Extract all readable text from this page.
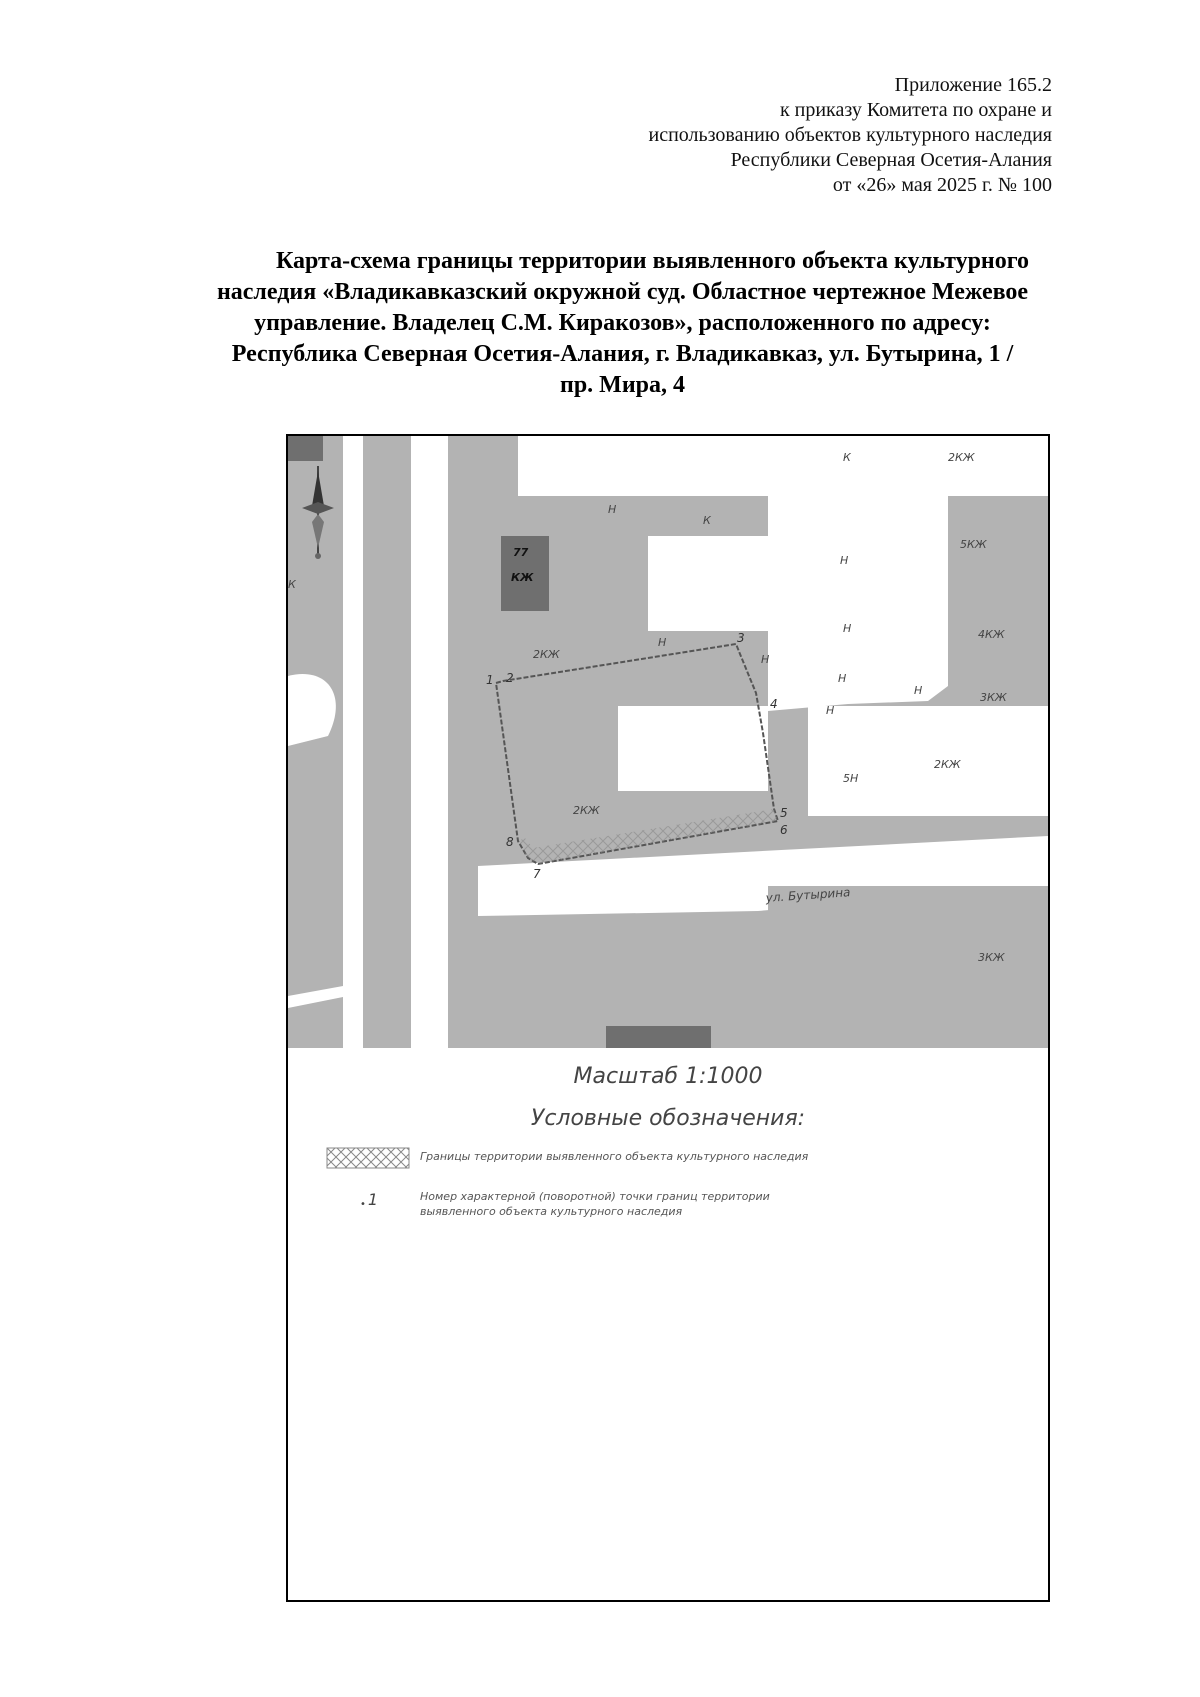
Приложение 165.2
к приказу Комитета по охране и
использованию объектов культурного наследия
Республики Северная Осетия-Алания
от «26» мая 2025 г. № 100
Карта-схема границы территории выявленного объекта культурного
наследия «Владикавказский окружной суд. Областное чертежное Межевое
управление. Владелец С.М. Киракозов», расположенного по адресу:
Республика Северная Осетия-Алания, г. Владикавказ, ул. Бутырина, 1 /
пр. Мира, 4
2КЖ
5КЖ
4КЖ
3КЖ
2КЖ
3КЖ
2КЖ
2КЖ
5Н
Н
Н
Н
Н
Н
Н
Н
Н
К
К
К
77
КЖ
ул. Бутырина
1 2
3
4
5
6
7
8
Масштаб 1:1000
Условные обозначения:
Границы территории выявленного объекта культурного наследия
• 1	Номер характерной (поворотной) точки границ территории
выявленного объекта культурного наследия
